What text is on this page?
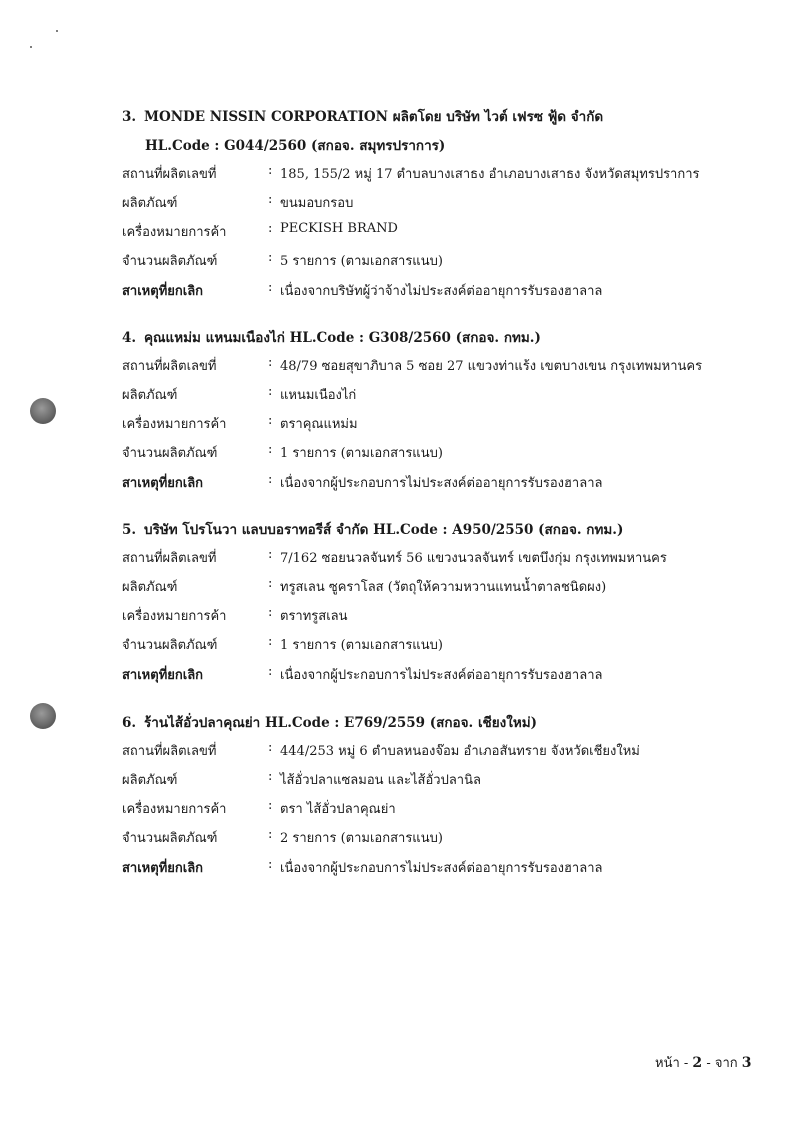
3. MONDE NISSIN CORPORATION ผลิตโดย บริษัท ไวต์ เฟรซ ฟู้ด จำกัด
HL.Code : G044/2560 (สกอจ. สมุทรปราการ)
สถานที่ผลิตเลขที่	: 185, 155/2 หมู่ 17 ตำบลบางเสาธง อำเภอบางเสาธง จังหวัดสมุทรปราการ
ผลิตภัณฑ์	: ขนมอบกรอบ
เครื่องหมายการค้า	: PECKISH BRAND
จำนวนผลิตภัณฑ์	: 5 รายการ (ตามเอกสารแนบ)
สาเหตุที่ยกเลิก	: เนื่องจากบริษัทผู้ว่าจ้างไม่ประสงค์ต่ออายุการรับรองฮาลาล
4. คุณแหม่ม แหนมเนืองไก่ HL.Code : G308/2560 (สกอจ. กทม.)
สถานที่ผลิตเลขที่	: 48/79 ซอยสุขาภิบาล 5 ซอย 27 แขวงท่าแร้ง เขตบางเขน กรุงเทพมหานคร
ผลิตภัณฑ์	: แหนมเนืองไก่
เครื่องหมายการค้า	: ตราคุณแหม่ม
จำนวนผลิตภัณฑ์	: 1 รายการ (ตามเอกสารแนบ)
สาเหตุที่ยกเลิก	: เนื่องจากผู้ประกอบการไม่ประสงค์ต่ออายุการรับรองฮาลาล
5. บริษัท โปรโนวา แลบบอราทอรีส์ จำกัด HL.Code : A950/2550 (สกอจ. กทม.)
สถานที่ผลิตเลขที่	: 7/162 ซอยนวลจันทร์ 56 แขวงนวลจันทร์ เขตบึงกุ่ม กรุงเทพมหานคร
ผลิตภัณฑ์	: ทรูสเลน ซูคราโลส (วัตถุให้ความหวานแทนน้ำตาลชนิดผง)
เครื่องหมายการค้า	: ตราทรูสเลน
จำนวนผลิตภัณฑ์	: 1 รายการ (ตามเอกสารแนบ)
สาเหตุที่ยกเลิก	: เนื่องจากผู้ประกอบการไม่ประสงค์ต่ออายุการรับรองฮาลาล
6. ร้านไส้อั่วปลาคุณย่า HL.Code : E769/2559 (สกอจ. เชียงใหม่)
สถานที่ผลิตเลขที่	: 444/253 หมู่ 6 ตำบลหนองจ๊อม อำเภอสันทราย จังหวัดเชียงใหม่
ผลิตภัณฑ์	: ไส้อั่วปลาแซลมอน และไส้อั่วปลานิล
เครื่องหมายการค้า	: ตรา ไส้อั่วปลาคุณย่า
จำนวนผลิตภัณฑ์	: 2 รายการ (ตามเอกสารแนบ)
สาเหตุที่ยกเลิก	: เนื่องจากผู้ประกอบการไม่ประสงค์ต่ออายุการรับรองฮาลาล
หน้า - 2 - จาก 3
